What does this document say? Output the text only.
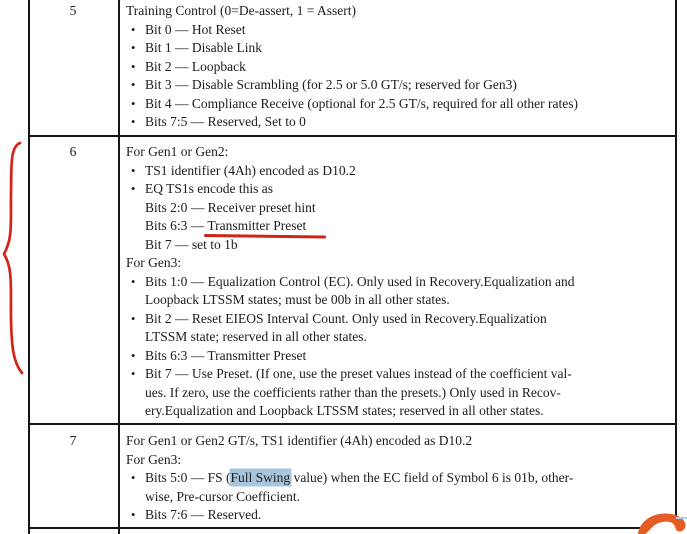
5
6
7
Training Control (0=De-assert, 1 = Assert)
• Bit 0 — Hot Reset
• Bit 1 — Disable Link
• Bit 2 — Loopback
• Bit 3 — Disable Scrambling (for 2.5 or 5.0 GT/s; reserved for Gen3)
• Bit 4 — Compliance Receive (optional for 2.5 GT/s, required for all other rates)
• Bits 7:5 — Reserved, Set to 0
For Gen1 or Gen2:
• TS1 identifier (4Ah) encoded as D10.2
• EQ TS1s encode this as
Bits 2:0 — Receiver preset hint
Bits 6:3 — Transmitter Preset
Bit 7 — set to 1b
For Gen3:
• Bits 1:0 — Equalization Control (EC). Only used in Recovery.Equalization and
Loopback LTSSM states; must be 00b in all other states.
• Bit 2 — Reset EIEOS Interval Count. Only used in Recovery.Equalization
LTSSM state; reserved in all other states.
• Bits 6:3 — Transmitter Preset
• Bit 7 — Use Preset. (If one, use the preset values instead of the coefficient val-
ues. If zero, use the coefficients rather than the presets.) Only used in Recov-
ery.Equalization and Loopback LTSSM states; reserved in all other states.
For Gen1 or Gen2 GT/s, TS1 identifier (4Ah) encoded as D10.2
For Gen3:
• Bits 5:0 — FS (Full Swing value) when the EC field of Symbol 6 is 01b, other-
wise, Pre-cursor Coefficient.
• Bits 7:6 — Reserved.
